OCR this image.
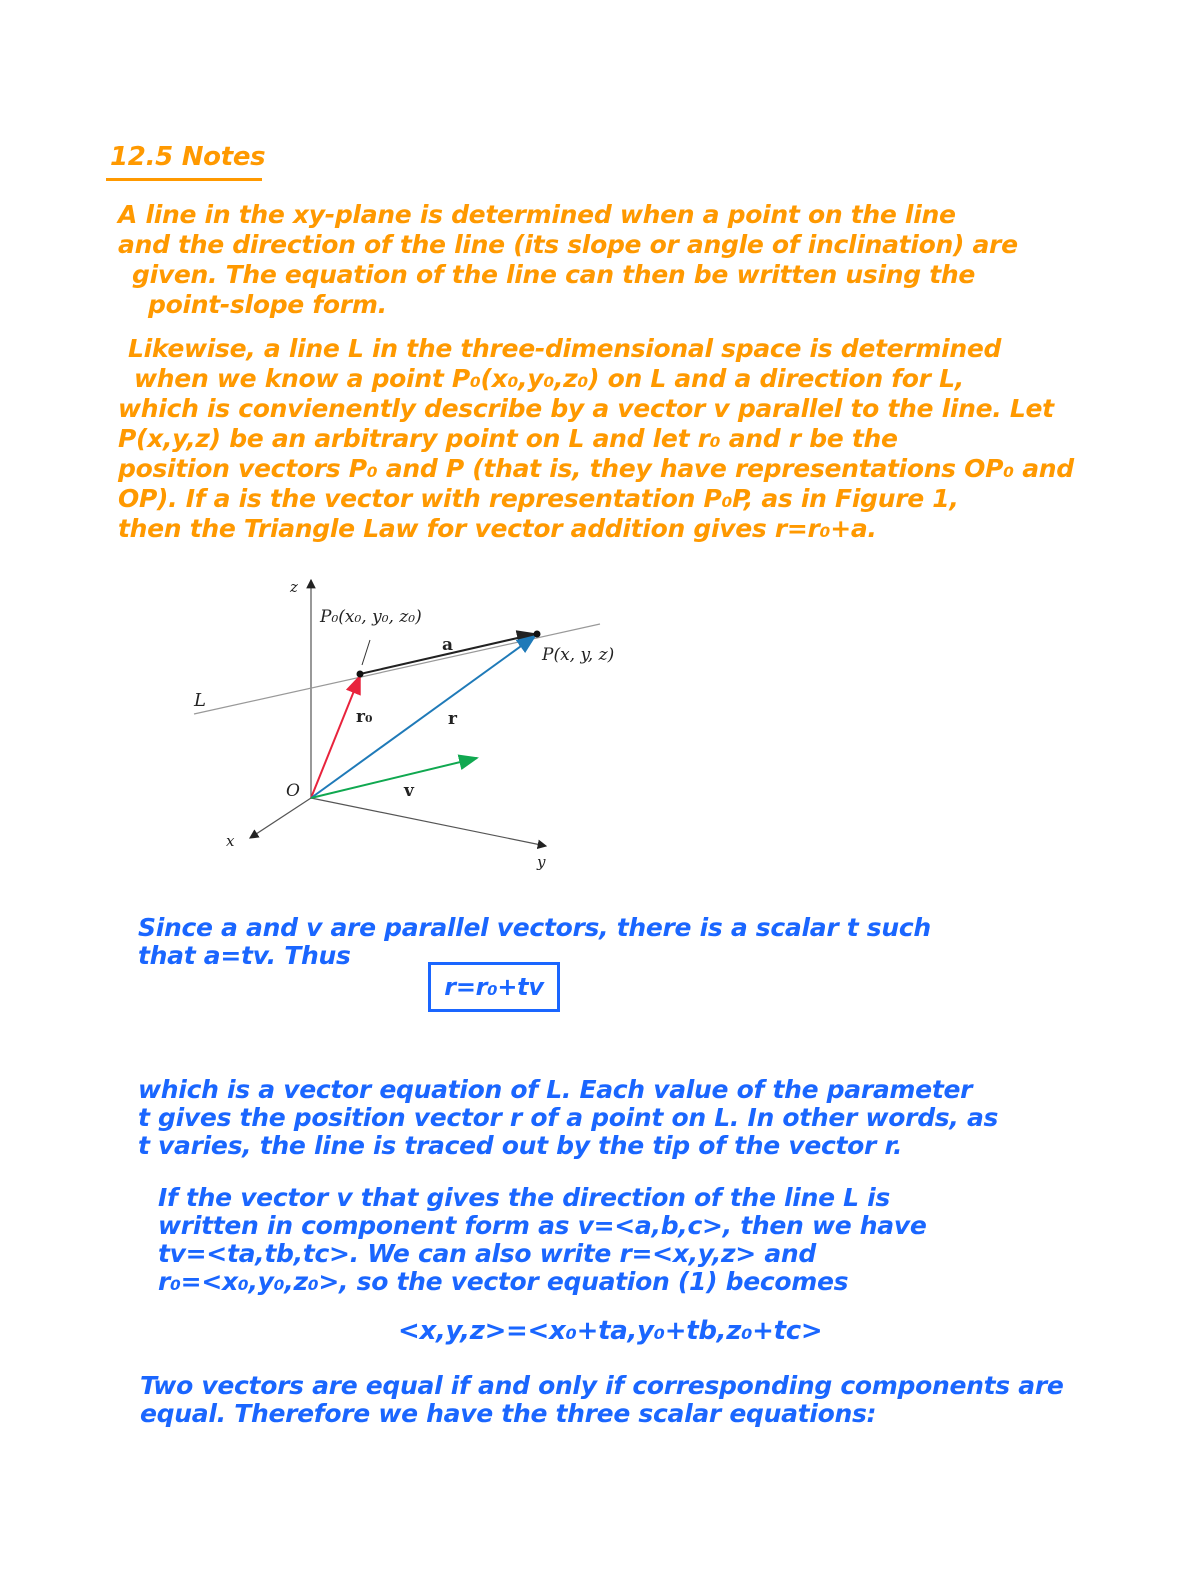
12.5 Notes
A line in the xy-plane is determined when a point on the line
and the direction of the line (its slope or angle of inclination) are
given. The equation of the line can then be written using the
point-slope form.
Likewise, a line L in the three-dimensional space is determined
when we know a point P₀(x₀,y₀,z₀) on L and a direction for L,
which is convienently describe by a vector v parallel to the line. Let
P(x,y,z) be an arbitrary point on L and let r₀ and r be the
position vectors P₀ and P (that is, they have representations OP₀ and
OP). If a is the vector with representation P₀P, as in Figure 1,
then the Triangle Law for vector addition gives r=r₀+a.
z
x
y
O
L
P₀(x₀, y₀, z₀)
P(x, y, z)
a
r
r₀
v
Since a and v are parallel vectors, there is a scalar t such
that a=tv. Thus
r=r₀+tv
which is a vector equation of L. Each value of the parameter
t gives the position vector r of a point on L. In other words, as
t varies, the line is traced out by the tip of the vector r.
If the vector v that gives the direction of the line L is
written in component form as v=<a,b,c>, then we have
tv=<ta,tb,tc>. We can also write r=<x,y,z> and
r₀=<x₀,y₀,z₀>, so the vector equation (1) becomes
<x,y,z>=<x₀+ta,y₀+tb,z₀+tc>
Two vectors are equal if and only if corresponding components are
equal. Therefore we have the three scalar equations:
